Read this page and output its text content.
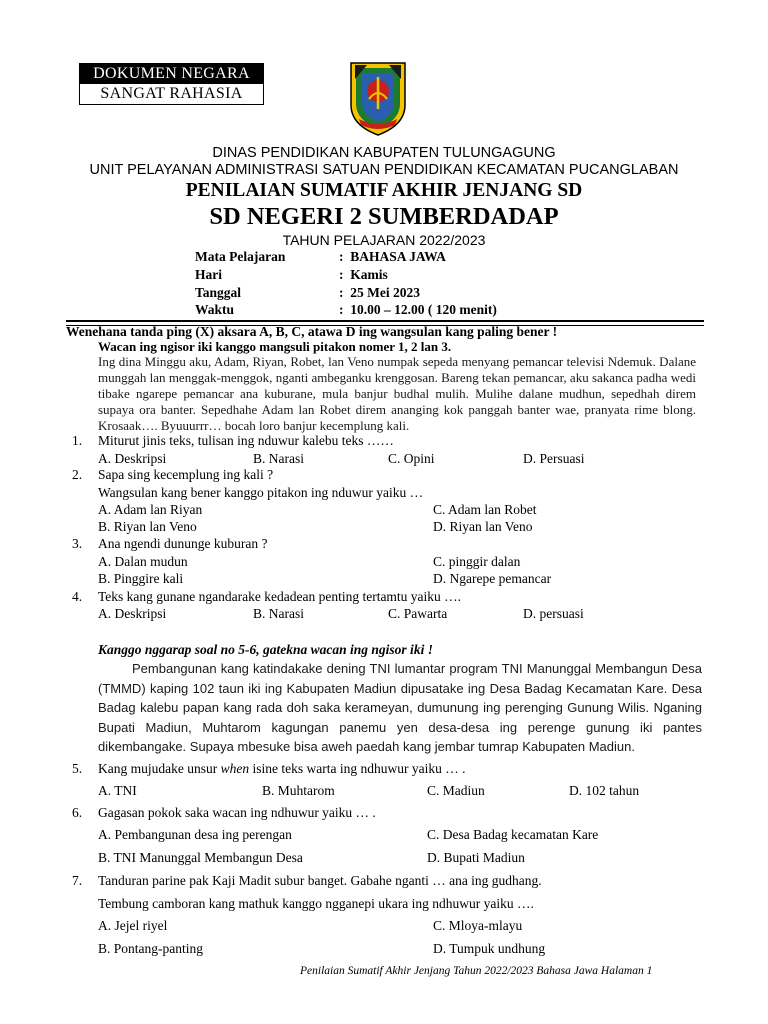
DOKUMEN NEGARA
SANGAT RAHASIA
DINAS PENDIDIKAN KABUPATEN TULUNGAGUNG
UNIT PELAYANAN ADMINISTRASI SATUAN PENDIDIKAN KECAMATAN PUCANGLABAN
PENILAIAN SUMATIF AKHIR JENJANG SD
SD NEGERI 2 SUMBERDADAP
TAHUN PELAJARAN 2022/2023
Mata Pelajaran	:  BAHASA JAWA
Hari	:  Kamis
Tanggal	:  25 Mei 2023
Waktu	:  10.00 – 12.00 ( 120 menit)
Wenehana tanda ping (X) aksara A, B, C, atawa D ing wangsulan kang paling bener !
Wacan ing ngisor iki kanggo mangsuli pitakon nomer 1, 2 lan 3.
Ing dina Minggu aku, Adam, Riyan, Robet, lan Veno numpak sepeda menyang pemancar televisi Ndemuk. Dalane munggah lan menggak-menggok, nganti ambeganku krenggosan. Bareng tekan pemancar, aku sakanca padha wedi tibake ngarepe pemancar ana kuburane, mula banjur budhal mulih. Mulihe dalane mudhun, sepedhah direm supaya ora banter. Sepedhahe Adam lan Robet direm ananging kok panggah banter wae, pranyata rime blong. Krosaak…. Byuuurrr… bocah loro banjur kecemplung kali.
1. Miturut jinis teks, tulisan ing nduwur kalebu teks ……
A. Deskripsi	B. Narasi	C. Opini	D. Persuasi
2. Sapa sing kecemplung ing kali ?
Wangsulan kang bener kanggo pitakon ing nduwur yaiku …
A. Adam lan Riyan	C. Adam lan Robet
B. Riyan lan Veno	D. Riyan lan Veno
3. Ana ngendi dununge kuburan ?
A. Dalan mudun	C. pinggir dalan
B. Pinggire kali	D. Ngarepe pemancar
4. Teks kang gunane ngandarake kedadean penting tertamtu yaiku ….
A. Deskripsi	B. Narasi	C. Pawarta	D. persuasi
Kanggo nggarap soal no 5-6, gatekna wacan ing ngisor iki !
Pembangunan kang katindakake dening TNI lumantar program TNI Manunggal Membangun Desa (TMMD) kaping 102 taun iki ing Kabupaten Madiun dipusatake ing Desa Badag Kecamatan Kare. Desa Badag kalebu papan kang rada doh saka kerameyan, dumunung ing perenging Gunung Wilis. Nganing Bupati Madiun, Muhtarom kagungan panemu yen desa-desa ing perenge gunung iki pantes dikembangake. Supaya mbesuke bisa aweh paedah kang jembar tumrap Kabupaten Madiun.
5. Kang mujudake unsur when isine teks warta ing ndhuwur yaiku … .
A. TNI	B. Muhtarom	C. Madiun	D. 102 tahun
6. Gagasan pokok saka wacan ing ndhuwur yaiku … .
A. Pembangunan desa ing perengan	C. Desa Badag kecamatan Kare
B. TNI Manunggal Membangun Desa	D. Bupati Madiun
7. Tanduran parine pak Kaji Madit subur banget. Gabahe nganti … ana ing gudhang.
Tembung camboran kang mathuk kanggo ngganepi ukara ing ndhuwur yaiku ….
A. Jejel riyel	C. Mloya-mlayu
B. Pontang-panting	D. Tumpuk undhung
Penilaian Sumatif Akhir Jenjang Tahun 2022/2023 Bahasa Jawa Halaman 1
